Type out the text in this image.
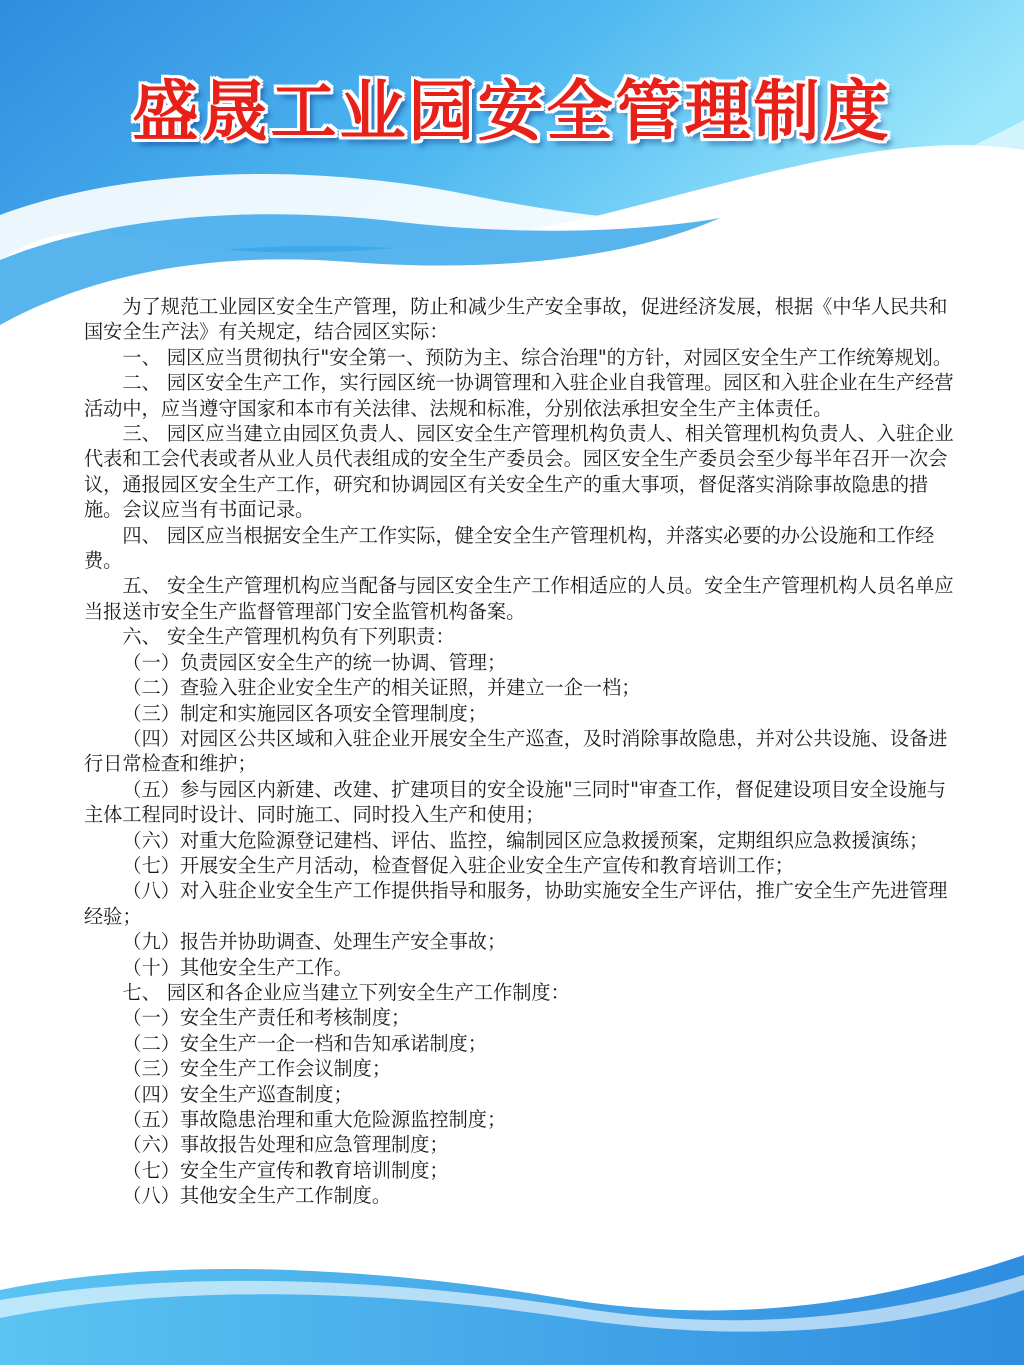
盛晟工业园安全管理制度

为了规范工业园区安全生产管理，防止和减少生产安全事故，促进经济发展，根据《中华人民共和国安全生产法》有关规定，结合园区实际：

一、 园区应当贯彻执行"安全第一、预防为主、综合治理"的方针，对园区安全生产工作统筹规划。

二、 园区安全生产工作，实行园区统一协调管理和入驻企业自我管理。园区和入驻企业在生产经营活动中，应当遵守国家和本市有关法律、法规和标准，分别依法承担安全生产主体责任。

三、 园区应当建立由园区负责人、园区安全生产管理机构负责人、相关管理机构负责人、入驻企业代表和工会代表或者从业人员代表组成的安全生产委员会。园区安全生产委员会至少每半年召开一次会议，通报园区安全生产工作，研究和协调园区有关安全生产的重大事项，督促落实消除事故隐患的措施。会议应当有书面记录。

四、 园区应当根据安全生产工作实际，健全安全生产管理机构，并落实必要的办公设施和工作经费。

五、 安全生产管理机构应当配备与园区安全生产工作相适应的人员。安全生产管理机构人员名单应当报送市安全生产监督管理部门安全监管机构备案。

六、 安全生产管理机构负有下列职责：

（一）负责园区安全生产的统一协调、管理；

（二）查验入驻企业安全生产的相关证照，并建立一企一档；

（三）制定和实施园区各项安全管理制度；

（四）对园区公共区域和入驻企业开展安全生产巡查，及时消除事故隐患，并对公共设施、设备进行日常检查和维护；

（五）参与园区内新建、改建、扩建项目的安全设施"三同时"审查工作，督促建设项目安全设施与主体工程同时设计、同时施工、同时投入生产和使用；

（六）对重大危险源登记建档、评估、监控，编制园区应急救援预案，定期组织应急救援演练；

（七）开展安全生产月活动，检查督促入驻企业安全生产宣传和教育培训工作；

（八）对入驻企业安全生产工作提供指导和服务，协助实施安全生产评估，推广安全生产先进管理经验；

（九）报告并协助调查、处理生产安全事故；

（十）其他安全生产工作。

七、 园区和各企业应当建立下列安全生产工作制度：

（一）安全生产责任和考核制度；

（二）安全生产一企一档和告知承诺制度；

（三）安全生产工作会议制度；

（四）安全生产巡查制度；

（五）事故隐患治理和重大危险源监控制度；

（六）事故报告处理和应急管理制度；

（七）安全生产宣传和教育培训制度；

（八）其他安全生产工作制度。
